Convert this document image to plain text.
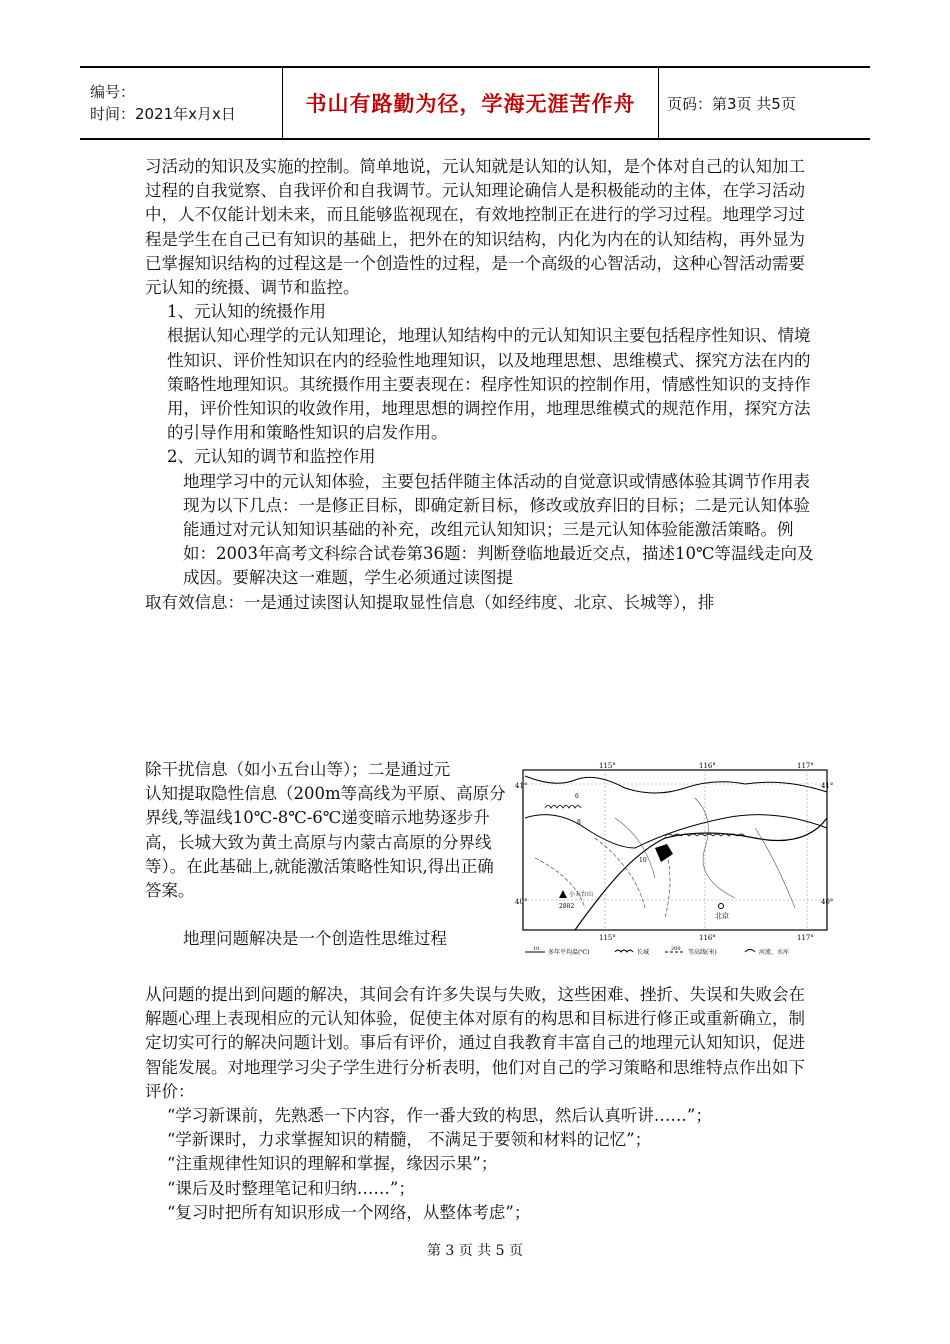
编号：
时间：2021年x月x日	书山有路勤为径，学海无涯苦作舟 页码：第3页 共5页

习活动的知识及实施的控制。简单地说，元认知就是认知的认知，是个体对自己的认知加工过程的自我觉察、自我评价和自我调节。元认知理论确信人是积极能动的主体，在学习活动中，人不仅能计划未来，而且能够监视现在，有效地控制正在进行的学习过程。地理学习过程是学生在自己已有知识的基础上，把外在的知识结构，内化为内在的认知结构，再外显为已掌握知识结构的过程这是一个创造性的过程，是一个高级的心智活动，这种心智活动需要元认知的统摄、调节和监控。

1、元认知的统摄作用

根据认知心理学的元认知理论，地理认知结构中的元认知知识主要包括程序性知识、情境性知识、评价性知识在内的经验性地理知识，以及地理思想、思维模式、探究方法在内的策略性地理知识。其统摄作用主要表现在：程序性知识的控制作用，情感性知识的支持作用，评价性知识的收敛作用，地理思想的调控作用，地理思维模式的规范作用，探究方法的引导作用和策略性知识的启发作用。

2、元认知的调节和监控作用

地理学习中的元认知体验，主要包括伴随主体活动的自觉意识或情感体验其调节作用表现为以下几点：一是修正目标，即确定新目标，修改或放弃旧的目标；二是元认知体验能通过对元认知知识基础的补充，改组元认知知识；三是元认知体验能激活策略。例如：2003年高考文科综合试卷第36题：判断登临地最近交点，描述10℃等温线走向及成因。要解决这一难题，学生必须通过读图提

取有效信息：一是通过读图认知提取显性信息（如经纬度、北京、长城等），排

除干扰信息（如小五台山等）；二是通过元

认知提取隐性信息（200m等高线为平原、高原分界线,等温线10℃-8℃-6℃递变暗示地势逐步升高，长城大致为黄土高原与内蒙古高原的分界线等）。在此基础上,就能激活策略性知识,得出正确答案。

地理问题解决是一个创造性思维过程

115°	116°	117°
115°	116°	117°
41°
40°
41°
40°
小五台山
2882
北京
6
8
10
10 多年平均温(℃)	长城	200 等高线(米)	河流、水库

从问题的提出到问题的解决，其间会有许多失误与失败，这些困难、挫折、失误和失败会在解题心理上表现相应的元认知体验，促使主体对原有的构思和目标进行修正或重新确立，制定切实可行的解决问题计划。事后有评价，通过自我教育丰富自己的地理元认知知识，促进智能发展。对地理学习尖子学生进行分析表明，他们对自己的学习策略和思维特点作出如下评价：

“学习新课前，先熟悉一下内容，作一番大致的构思，然后认真听讲……”；

“学新课时，力求掌握知识的精髓， 不满足于要领和材料的记忆”；

“注重规律性知识的理解和掌握，缘因示果”；

“课后及时整理笔记和归纳……”；

“复习时把所有知识形成一个网络，从整体考虑”；

第 3 页 共 5 页
